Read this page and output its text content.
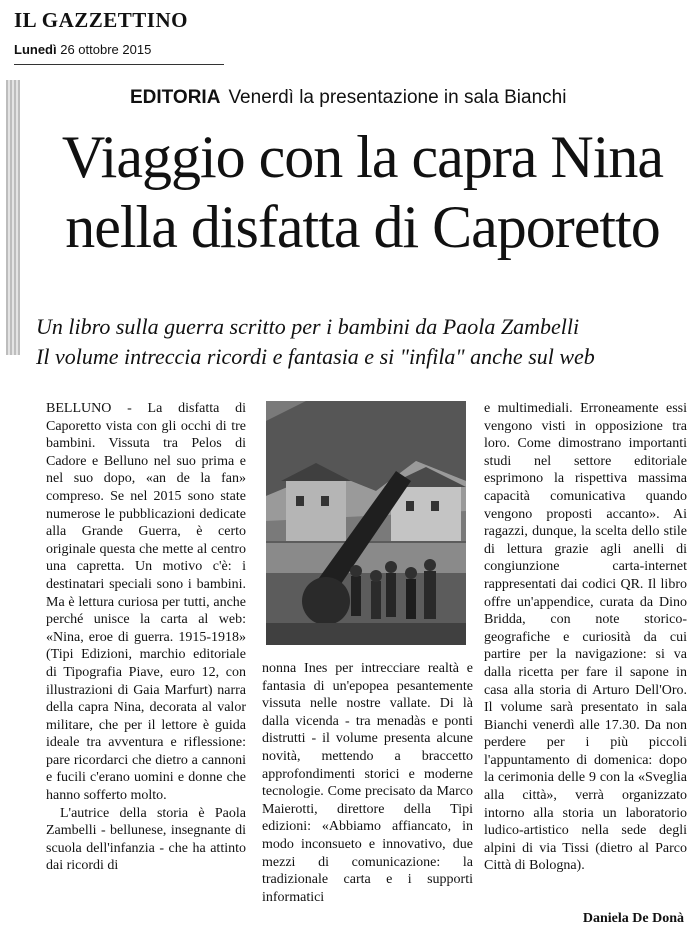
IL GAZZETTINO
Lunedì 26 ottobre 2015
EDITORIA Venerdì la presentazione in sala Bianchi
Viaggio con la capra Nina
nella disfatta di Caporetto
Un libro sulla guerra scritto per i bambini da Paola Zambelli
Il volume intreccia ricordi e fantasia e si "infila" anche sul web

BELLUNO - La disfatta di Caporetto vista con gli occhi di tre bambini. Vissuta tra Pelos di Cadore e Belluno nel suo prima e nel suo dopo, «an de la fan» compreso. Se nel 2015 sono state numerose le pubblicazioni dedicate alla Grande Guerra, è certo originale questa che mette al centro una capretta. Un motivo c'è: i destinatari speciali sono i bambini. Ma è lettura curiosa per tutti, anche perché unisce la carta al web: «Nina, eroe di guerra. 1915-1918» (Tipi Edizioni, marchio editoriale di Tipografia Piave, euro 12, con illustrazioni di Gaia Marfurt) narra della capra Nina, decorata al valor militare, che per il lettore è guida ideale tra avventura e riflessione: pare ricordarci che dietro a cannoni e fucili c'erano uomini e donne che hanno sofferto molto.

L'autrice della storia è Paola Zambelli - bellunese, insegnante di scuola dell'infanzia - che ha attinto dai ricordi di

nonna Ines per intrecciare realtà e fantasia di un'epopea pesantemente vissuta nelle nostre vallate. Di là dalla vicenda - tra menadàs e ponti distrutti - il volume presenta alcune novità, mettendo a braccetto approfondimenti storici e moderne tecnologie. Come precisato da Marco Maierotti, direttore della Tipi edizioni: «Abbiamo affiancato, in modo inconsueto e innovativo, due mezzi di comunicazione: la tradizionale carta e i supporti informatici

e multimediali. Erroneamente essi vengono visti in opposizione tra loro. Come dimostrano importanti studi nel settore editoriale esprimono la rispettiva massima capacità comunicativa quando vengono proposti accanto». Ai ragazzi, dunque, la scelta dello stile di lettura grazie agli anelli di congiunzione carta-internet rappresentati dai codici QR. Il libro offre un'appendice, curata da Dino Bridda, con note storico-geografiche e curiosità da cui partire per la navigazione: si va dalla ricetta per fare il sapone in casa alla storia di Arturo Dell'Oro. Il volume sarà presentato in sala Bianchi venerdì alle 17.30. Da non perdere per i più piccoli l'appuntamento di domenica: dopo la cerimonia delle 9 con la «Sveglia alla città», verrà organizzato intorno alla storia un laboratorio ludico-artistico nella sede degli alpini di via Tissi (dietro al Parco Città di Bologna).

Daniela De Donà
